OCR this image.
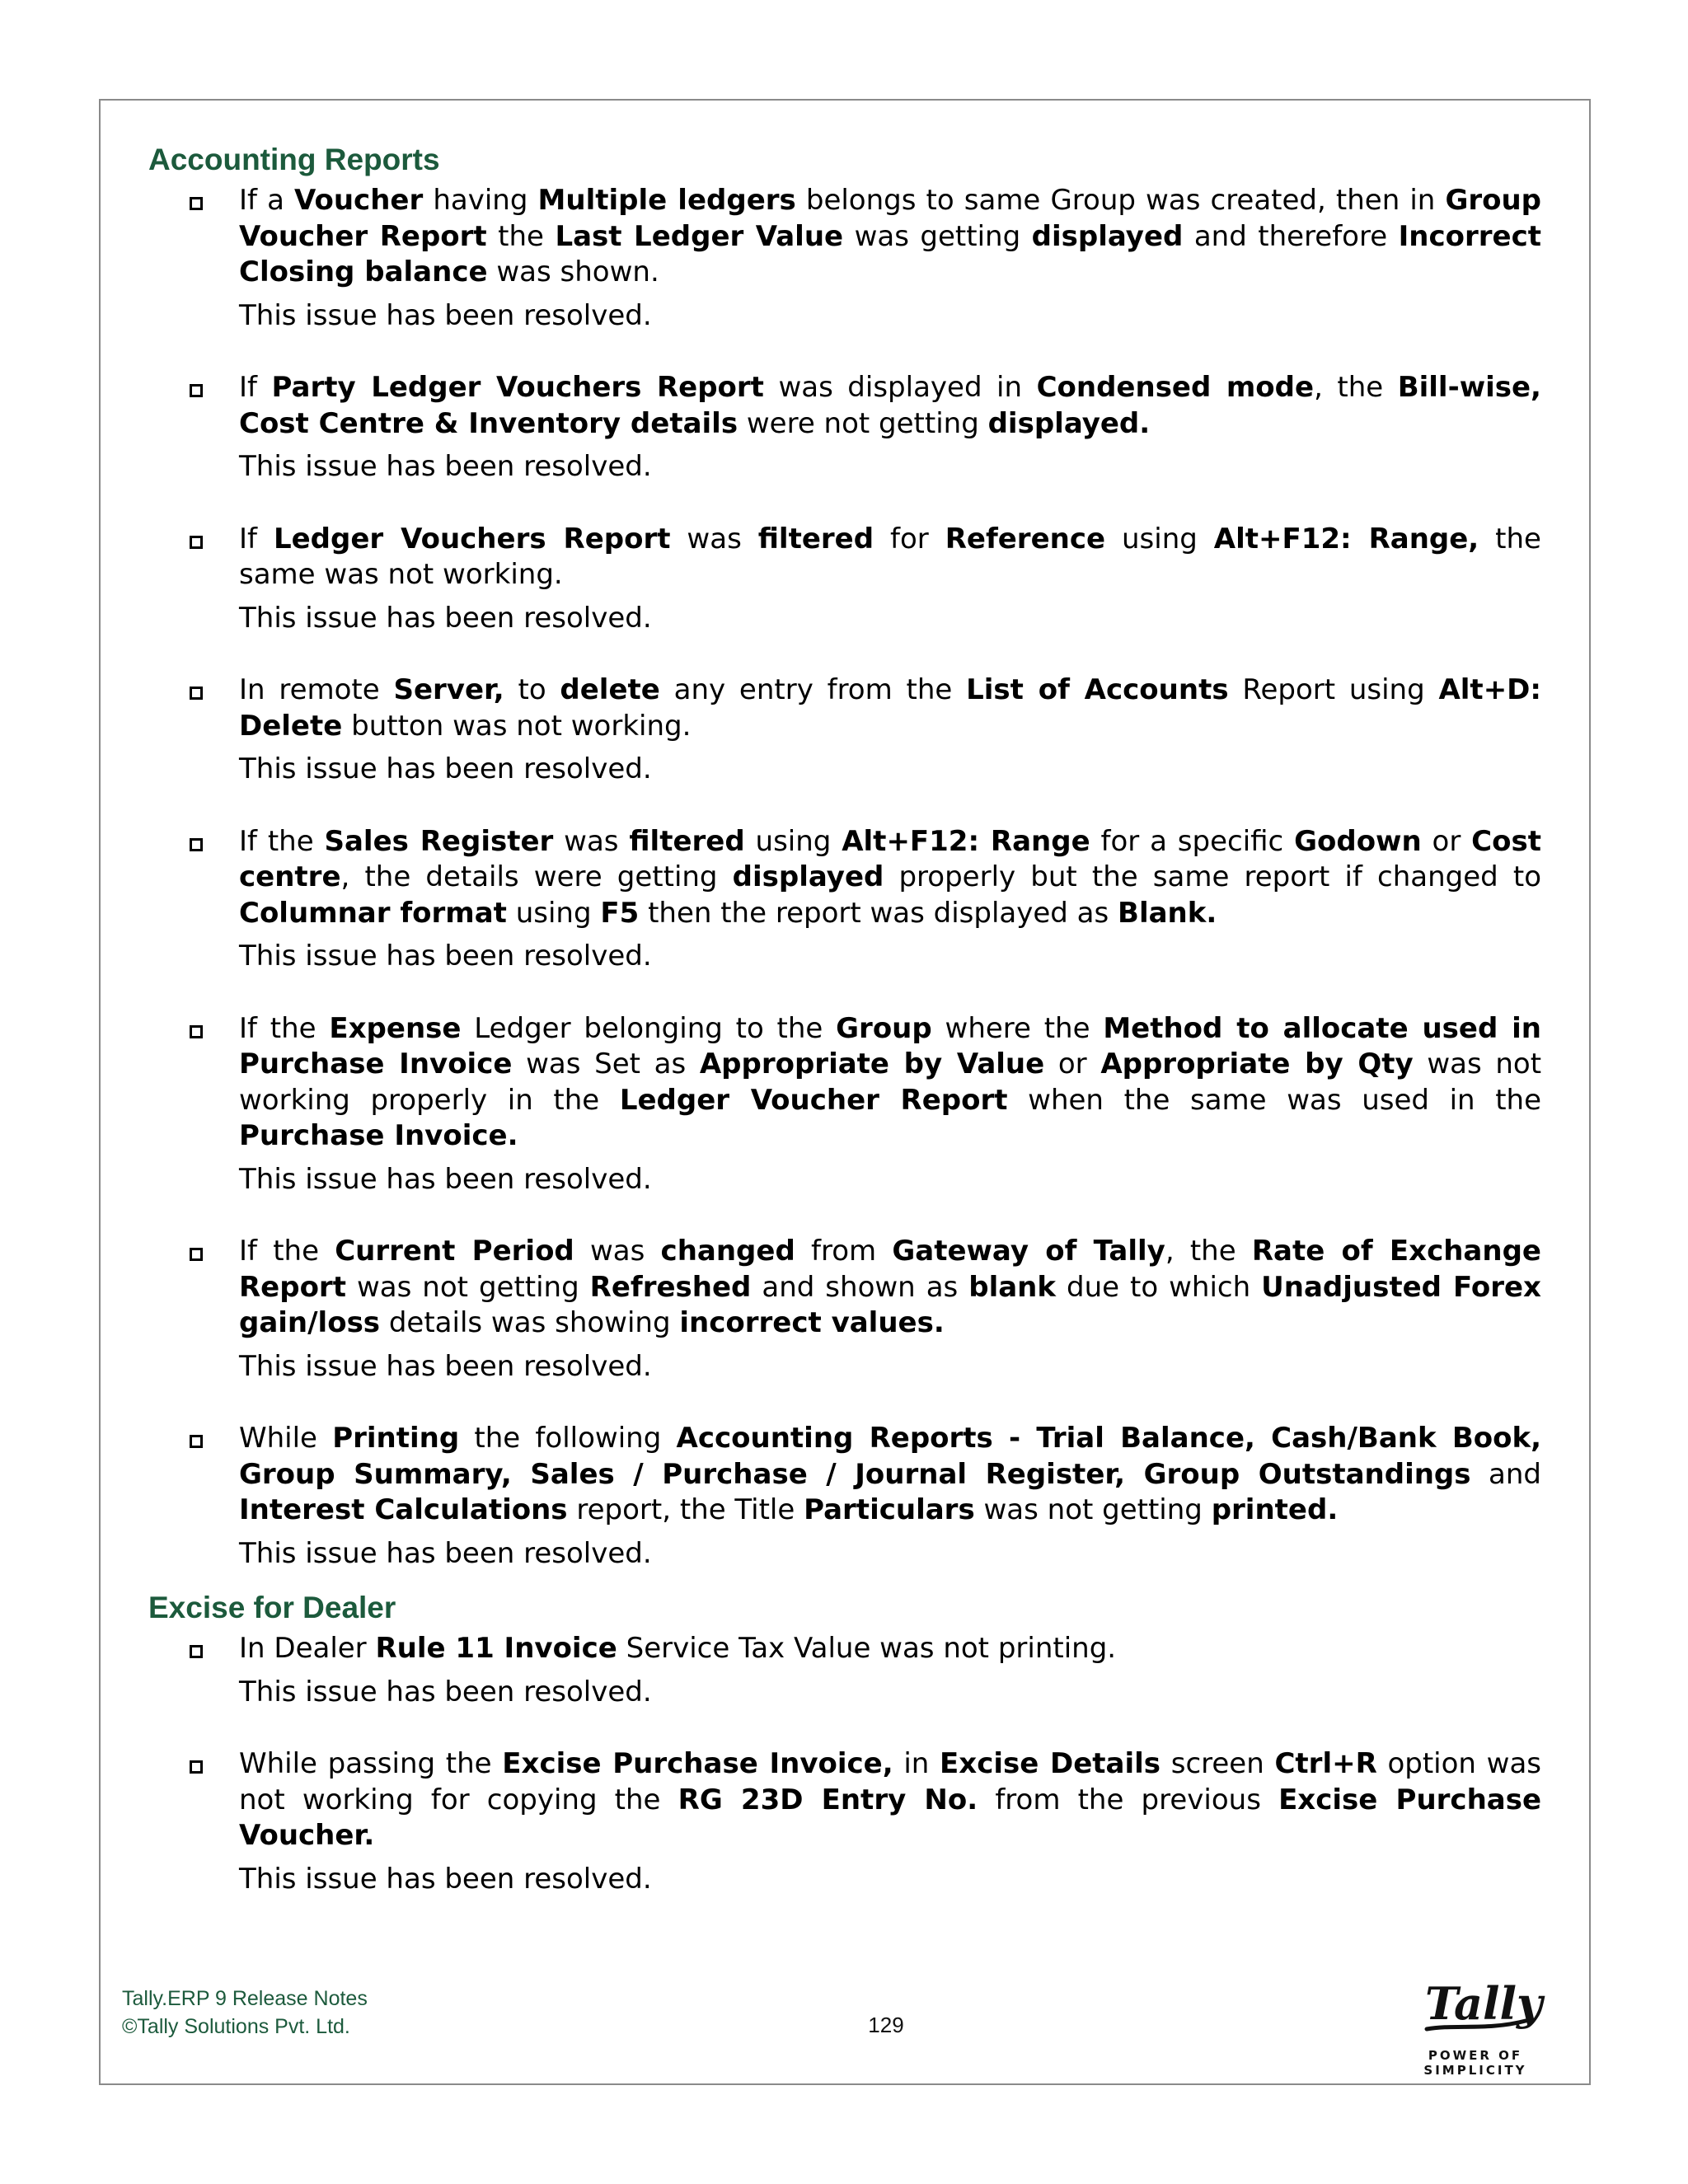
Accounting Reports
If a Voucher having Multiple ledgers belongs to same Group was created, then in Group Voucher Report the Last Ledger Value was getting displayed and therefore Incorrect Closing balance was shown.
This issue has been resolved.
If Party Ledger Vouchers Report was displayed in Condensed mode, the Bill-wise, Cost Centre & Inventory details were not getting displayed.
This issue has been resolved.
If Ledger Vouchers Report was filtered for Reference using Alt+F12: Range, the same was not working.
This issue has been resolved.
In remote Server, to delete any entry from the List of Accounts Report using Alt+D: Delete button was not working.
This issue has been resolved.
If the Sales Register was filtered using Alt+F12: Range for a specific Godown or Cost centre, the details were getting displayed properly but the same report if changed to Columnar format using F5 then the report was displayed as Blank.
This issue has been resolved.
If the Expense Ledger belonging to the Group where the Method to allocate used in Purchase Invoice was Set as Appropriate by Value or Appropriate by Qty was not working properly in the Ledger Voucher Report when the same was used in the Purchase Invoice.
This issue has been resolved.
If the Current Period was changed from Gateway of Tally, the Rate of Exchange Report was not getting Refreshed and shown as blank due to which Unadjusted Forex gain/loss details was showing incorrect values.
This issue has been resolved.
While Printing the following Accounting Reports - Trial Balance, Cash/Bank Book, Group Summary, Sales / Purchase / Journal Register, Group Outstandings and Interest Calculations report, the Title Particulars was not getting printed.
This issue has been resolved.
Excise for Dealer
In Dealer Rule 11 Invoice Service Tax Value was not printing.
This issue has been resolved.
While passing the Excise Purchase Invoice, in Excise Details screen Ctrl+R option was not working for copying the RG 23D Entry No. from the previous Excise Purchase Voucher.
This issue has been resolved.
Tally.ERP 9 Release Notes
©Tally Solutions Pvt. Ltd.	129	Tally
POWER OF SIMPLICITY
